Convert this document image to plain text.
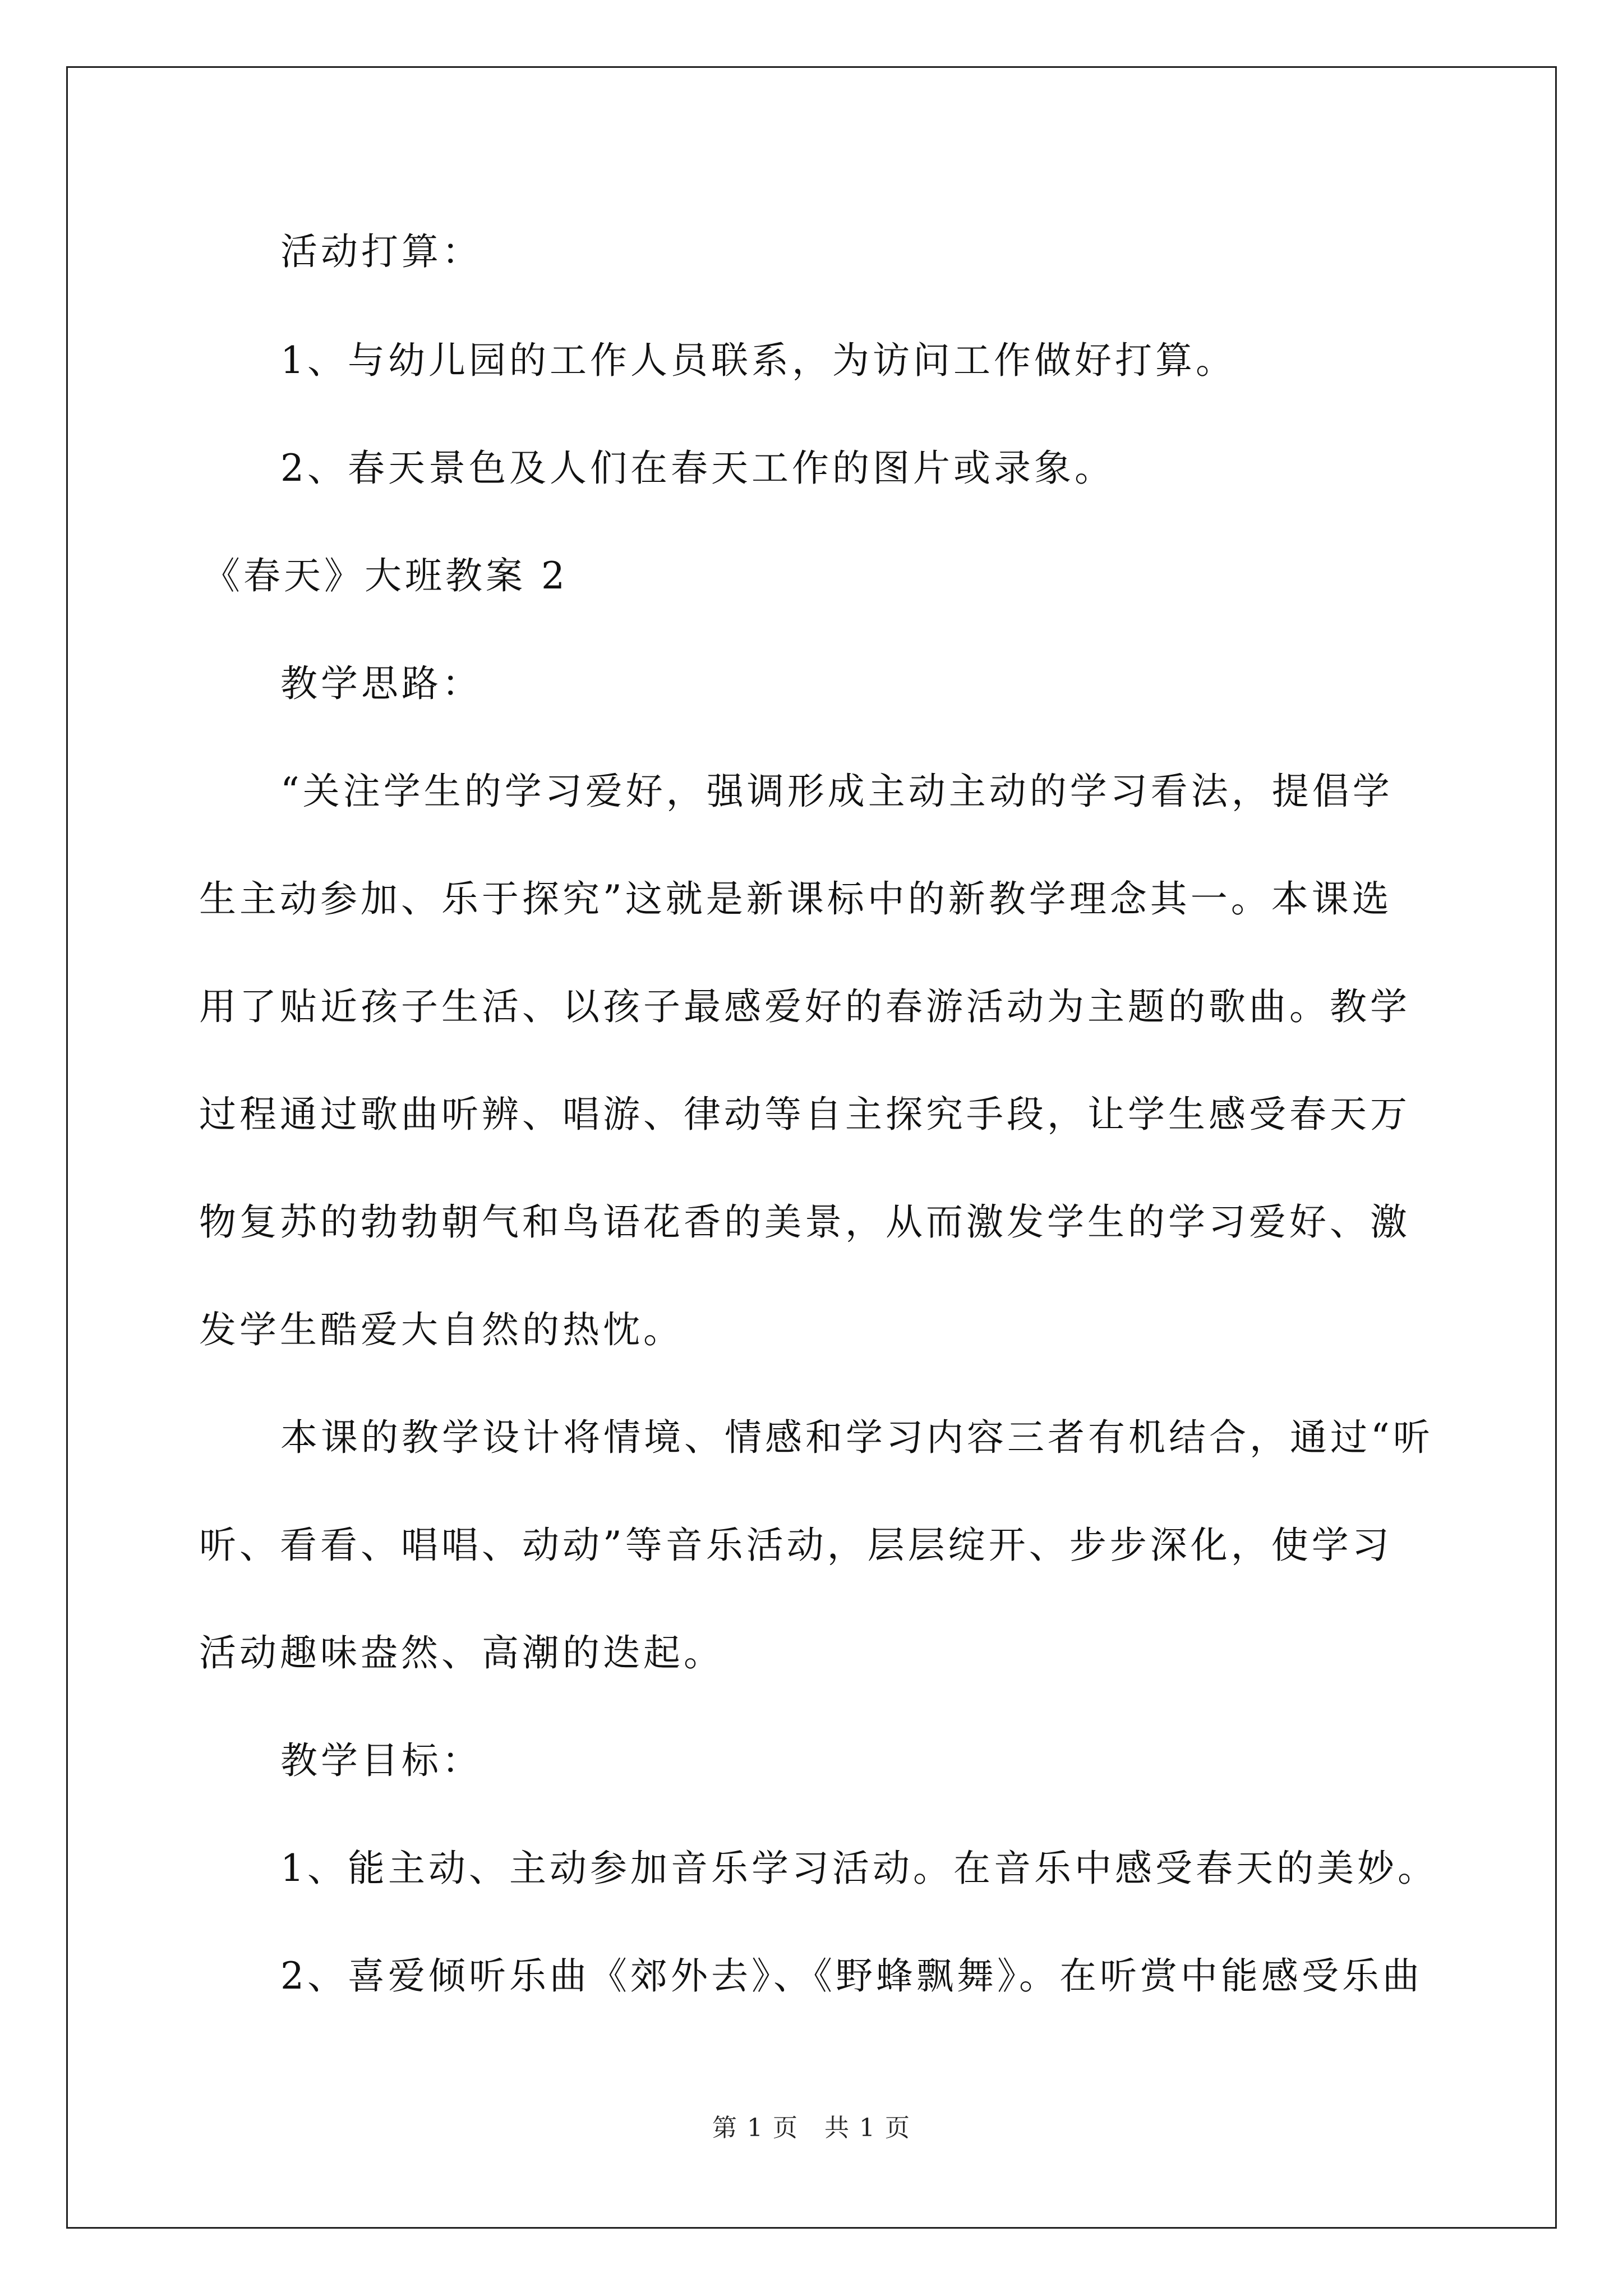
活动打算：
1、与幼儿园的工作人员联系，为访问工作做好打算。
2、春天景色及人们在春天工作的图片或录象。
《春天》大班教案 2
教学思路：
“关注学生的学习爱好，强调形成主动主动的学习看法，提倡学
生主动参加、乐于探究”这就是新课标中的新教学理念其一。本课选
用了贴近孩子生活、以孩子最感爱好的春游活动为主题的歌曲。教学
过程通过歌曲听辨、唱游、律动等自主探究手段，让学生感受春天万
物复苏的勃勃朝气和鸟语花香的美景，从而激发学生的学习爱好、激
发学生酷爱大自然的热忱。
本课的教学设计将情境、情感和学习内容三者有机结合，通过“听
听、看看、唱唱、动动”等音乐活动，层层绽开、步步深化，使学习
活动趣味盎然、高潮的迭起。
教学目标：
1、能主动、主动参加音乐学习活动。在音乐中感受春天的美妙。
2、喜爱倾听乐曲《郊外去》、《野蜂飘舞》。在听赏中能感受乐曲
第 1 页　共 1 页
